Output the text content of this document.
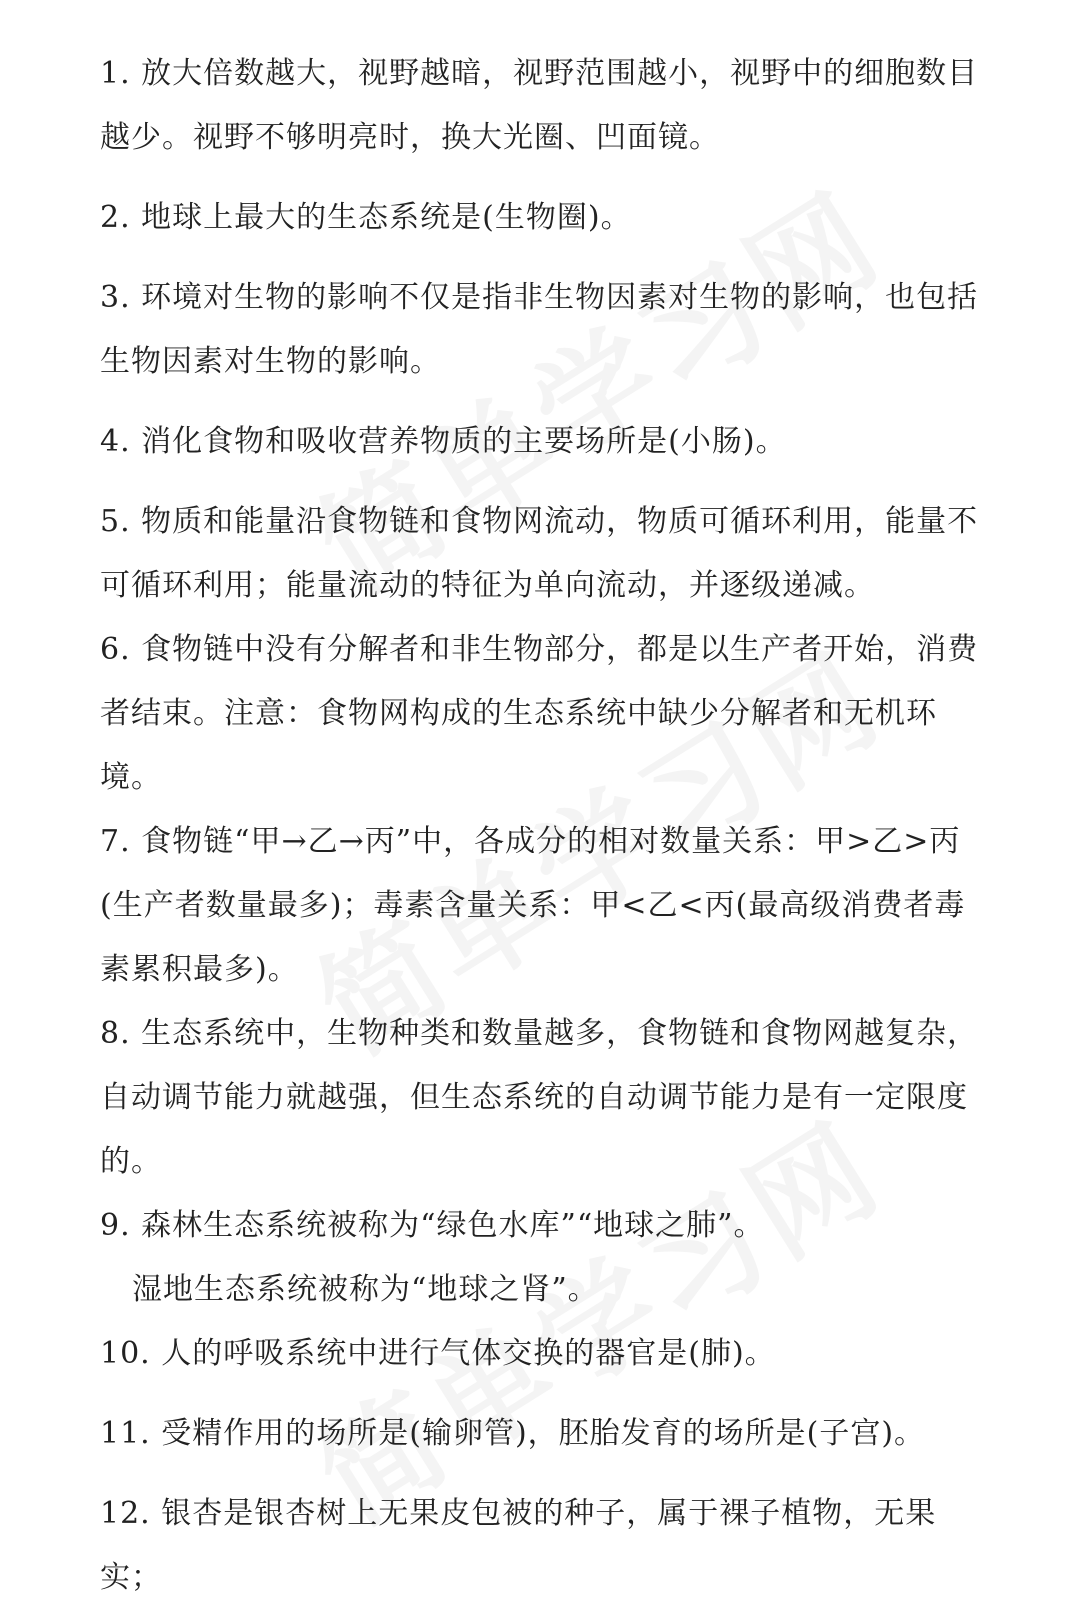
1. 放大倍数越大，视野越暗，视野范围越小，视野中的细胞数目越少。视野不够明亮时，换大光圈、凹面镜。

2. 地球上最大的生态系统是(生物圈)。

3. 环境对生物的影响不仅是指非生物因素对生物的影响，也包括生物因素对生物的影响。

4. 消化食物和吸收营养物质的主要场所是(小肠)。

5. 物质和能量沿食物链和食物网流动，物质可循环利用，能量不可循环利用；能量流动的特征为单向流动，并逐级递减。

6. 食物链中没有分解者和非生物部分，都是以生产者开始，消费者结束。注意：食物网构成的生态系统中缺少分解者和无机环境。

7. 食物链“甲→乙→丙”中，各成分的相对数量关系：甲>乙>丙(生产者数量最多)；毒素含量关系：甲<乙<丙(最高级消费者毒素累积最多)。

8. 生态系统中，生物种类和数量越多，食物链和食物网越复杂，自动调节能力就越强，但生态系统的自动调节能力是有一定限度的。

9. 森林生态系统被称为“绿色水库”“地球之肺”。

湿地生态系统被称为“地球之肾”。

10. 人的呼吸系统中进行气体交换的器官是(肺)。

11. 受精作用的场所是(输卵管)，胚胎发育的场所是(子宫)。

12. 银杏是银杏树上无果皮包被的种子，属于裸子植物，无果实；
